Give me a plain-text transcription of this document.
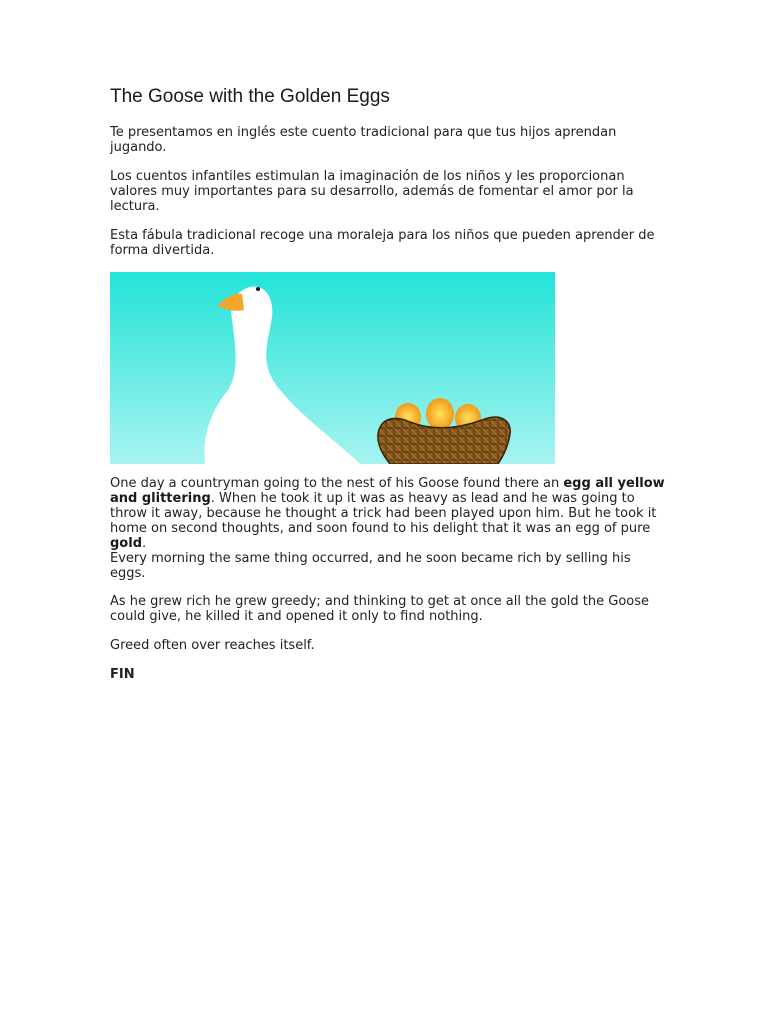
The Goose with the Golden Eggs

Te presentamos en inglés este cuento tradicional para que tus hijos aprendan jugando.

Los cuentos infantiles estimulan la imaginación de los niños y les proporcionan valores muy importantes para su desarrollo, además de fomentar el amor por la lectura.

Esta fábula tradicional recoge una moraleja para los niños que pueden aprender de forma divertida.

One day a countryman going to the nest of his Goose found there an egg all yellow and glittering. When he took it up it was as heavy as lead and he was going to throw it away, because he thought a trick had been played upon him. But he took it home on second thoughts, and soon found to his delight that it was an egg of pure gold.
Every morning the same thing occurred, and he soon became rich by selling his eggs.

As he grew rich he grew greedy; and thinking to get at once all the gold the Goose could give, he killed it and opened it only to find nothing.

Greed often over reaches itself.

FIN
